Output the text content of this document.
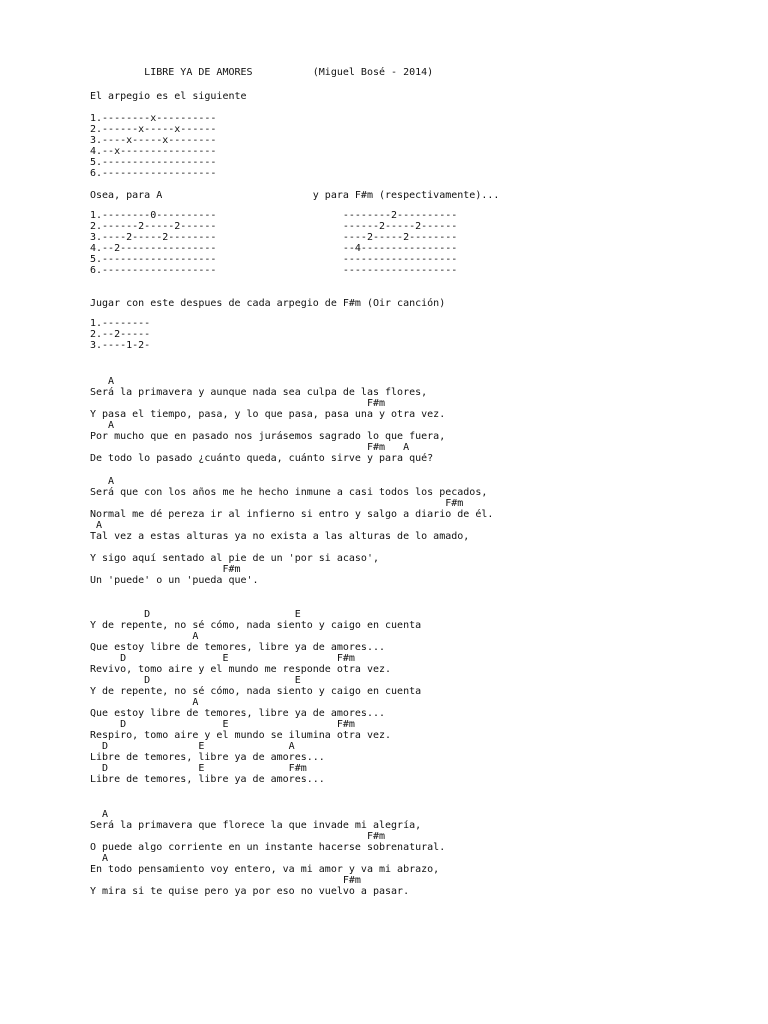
LIBRE YA DE AMORES          (Miguel Bosé - 2014)
El arpegio es el siguiente
1.--------x----------
2.------x-----x------
3.----x-----x--------
4.--x----------------
5.-------------------
6.-------------------
Osea, para A                         y para F#m (respectivamente)...
1.--------0----------                     --------2----------
2.------2-----2------                     ------2-----2------
3.----2-----2--------                     ----2-----2--------
4.--2----------------                     --4----------------
5.-------------------                     -------------------
6.-------------------                     -------------------
Jugar con este despues de cada arpegio de F#m (Oir canción)
1.--------
2.--2-----
3.----1-2-
A
Será la primavera y aunque nada sea culpa de las flores,
F#m
Y pasa el tiempo, pasa, y lo que pasa, pasa una y otra vez.
A
Por mucho que en pasado nos jurásemos sagrado lo que fuera,
F#m   A
De todo lo pasado ¿cuánto queda, cuánto sirve y para qué?
A
Será que con los años me he hecho inmune a casi todos los pecados,
F#m
Normal me dé pereza ir al infierno si entro y salgo a diario de él.
A
Tal vez a estas alturas ya no exista a las alturas de lo amado,
Y sigo aquí sentado al pie de un 'por si acaso',
F#m
Un 'puede' o un 'pueda que'.
D                        E
Y de repente, no sé cómo, nada siento y caigo en cuenta
A
Que estoy libre de temores, libre ya de amores...
D                E                  F#m
Revivo, tomo aire y el mundo me responde otra vez.
D                        E
Y de repente, no sé cómo, nada siento y caigo en cuenta
A
Que estoy libre de temores, libre ya de amores...
D                E                  F#m
Respiro, tomo aire y el mundo se ilumina otra vez.
D               E              A
Libre de temores, libre ya de amores...
D               E              F#m
Libre de temores, libre ya de amores...
A
Será la primavera que florece la que invade mi alegría,
F#m
O puede algo corriente en un instante hacerse sobrenatural.
A
En todo pensamiento voy entero, va mi amor y va mi abrazo,
F#m
Y mira si te quise pero ya por eso no vuelvo a pasar.
